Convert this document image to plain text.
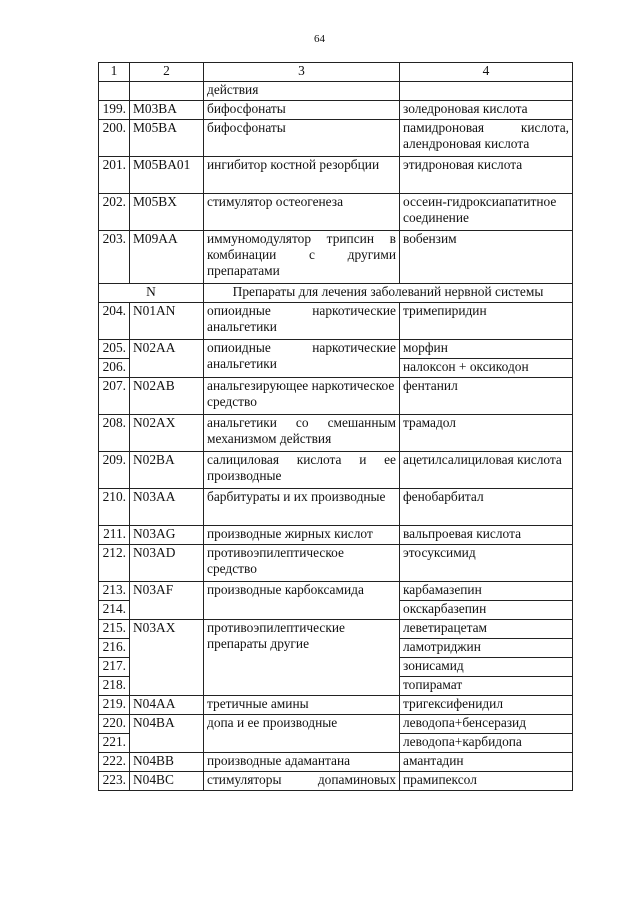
64
1	2	3	4
		действия	
199.	M03BA	бифосфонаты	золедроновая кислота
200.	M05BA	бифосфонаты	памидроновая кислота, алендроновая кислота
201.	M05BA01	ингибитор костной резорбции	этидроновая кислота
202.	M05BX	стимулятор остеогенеза	оссеин-гидроксиапатитное соединение
203.	M09AA	иммуномодулятор трипсин в комбинации с другими препаратами	вобензим
N		Препараты для лечения заболеваний нервной системы	
204.	N01AN	опиоидные наркотические анальгетики	тримепиридин
205.	N02AA	опиоидные наркотические анальгетики	морфин
206.			налоксон + оксикодон
207.	N02AB	анальгезирующее наркотическое средство	фентанил
208.	N02AX	анальгетики со смешанным механизмом действия	трамадол
209.	N02BA	салициловая кислота и ее производные	ацетилсалициловая кислота
210.	N03AA	барбитураты и их производные	фенобарбитал
211.	N03AG	производные жирных кислот	вальпроевая кислота
212.	N03AD	противоэпилептическое средство	этосуксимид
213.	N03AF	производные карбоксамида	карбамазепин
214.			окскарбазепин
215.	N03AX	противоэпилептические препараты другие	леветирацетам
216.			ламотриджин
217.			зонисамид
218.			топирамат
219.	N04AA	третичные амины	тригексифенидил
220.	N04BA	допа и ее производные	леводопа+бенсеразид
221.			леводопа+карбидопа
222.	N04BB	производные адамантана	амантадин
223.	N04BC	стимуляторы допаминовых	прамипексол
